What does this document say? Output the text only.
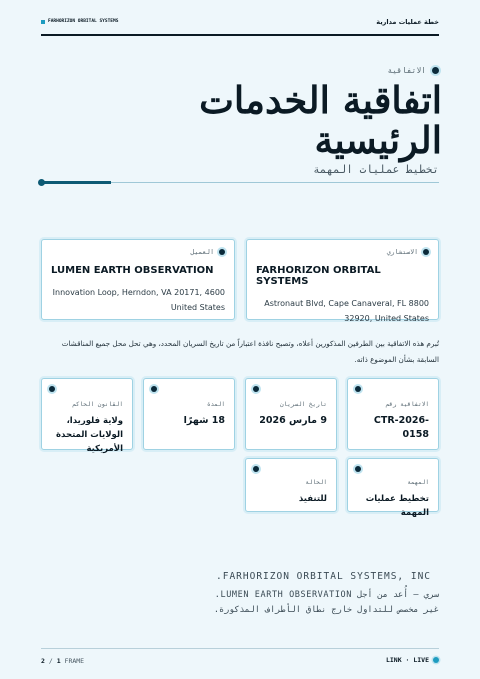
خطة عمليات مدارية
FARHORIZON ORBITAL SYSTEMS
الاتفاقية
اتفاقية الخدمات الرئيسية
تخطيط عمليات المهمة
الاستشاري
FARHORIZON ORBITAL SYSTEMS
Astronaut Blvd, Cape Canaveral, FL 8800 32920, United States
العميل
LUMEN EARTH OBSERVATION
Innovation Loop, Herndon, VA 20171, 4600 United States

تُبرم هذه الاتفاقية بين الطرفين المذكورين أعلاه، وتصبح نافذة اعتباراً من تاريخ السريان المحدد، وهي تحل محل جميع المناقشات السابقة بشأن الموضوع ذاته.

الاتفاقية رقم
CTR-2026-0158
تاريخ السريان
9 مارس 2026
المدة
18 شهرًا
القانون الحاكم
ولاية فلوريدا، الولايات المتحدة الأمريكية
المهمة
تخطيط عمليات المهمة
الحالة
للتنفيذ
.FARHORIZON ORBITAL SYSTEMS, INC
سري — أُعد من أجل LUMEN EARTH OBSERVATION. غير مخصص للتداول خارج نطاق الأطراف المذكورة.
2 / 1 FRAME	LINK · LIVE
